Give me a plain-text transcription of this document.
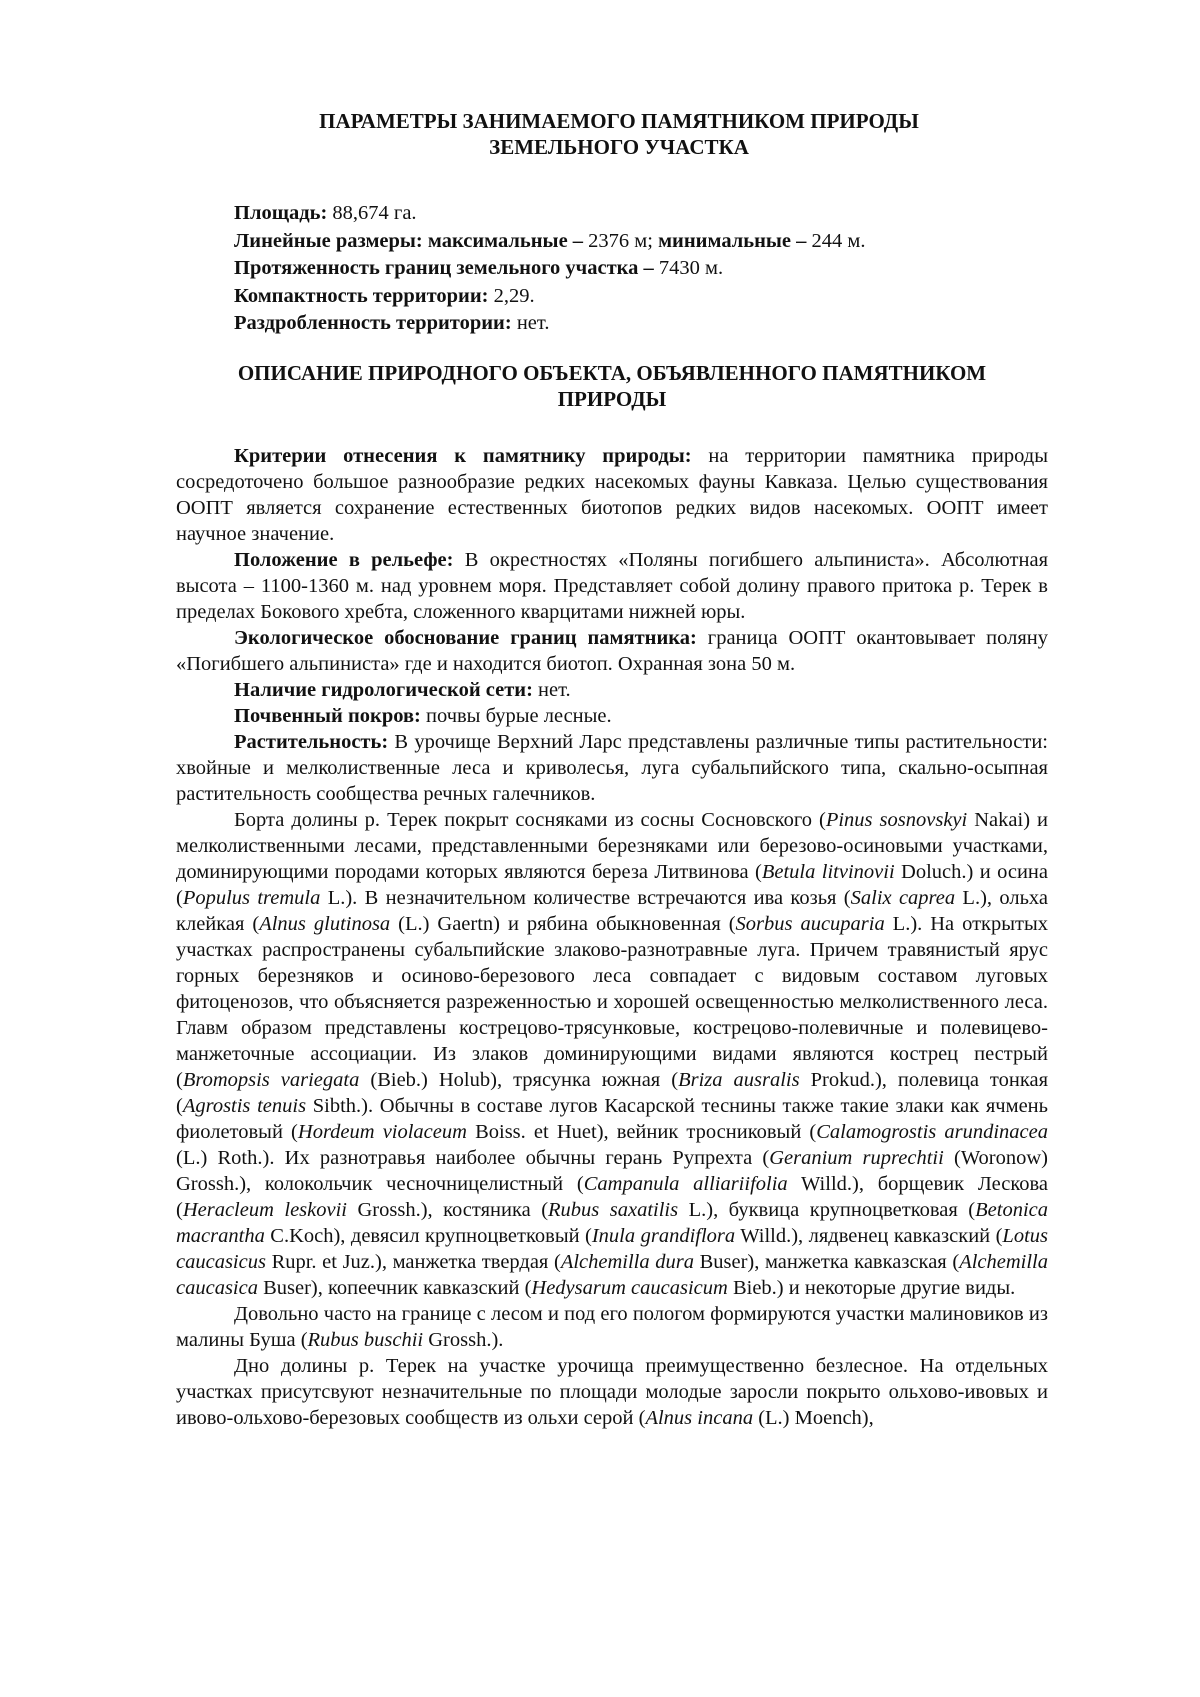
ПАРАМЕТРЫ ЗАНИМАЕМОГО ПАМЯТНИКОМ ПРИРОДЫ
ЗЕМЕЛЬНОГО УЧАСТКА

Площадь: 88,674 га.

Линейные размеры: максимальные – 2376 м; минимальные – 244 м.

Протяженность границ земельного участка – 7430 м.

Компактность территории: 2,29.

Раздробленность территории: нет.

ОПИСАНИЕ ПРИРОДНОГО ОБЪЕКТА, ОБЪЯВЛЕННОГО ПАМЯТНИКОМ
ПРИРОДЫ

Критерии отнесения к памятнику природы: на территории памятника природы сосредоточено большое разнообразие редких насекомых фауны Кавказа. Целью существования ООПТ является сохранение естественных биотопов редких видов насекомых. ООПТ имеет научное значение.

Положение в рельефе: В окрестностях «Поляны погибшего альпиниста». Абсолютная высота – 1100-1360 м. над уровнем моря. Представляет собой долину правого притока р. Терек в пределах Бокового хребта, сложенного кварцитами нижней юры.

Экологическое обоснование границ памятника: граница ООПТ окантовывает поляну «Погибшего альпиниста» где и находится биотоп. Охранная зона 50 м.

Наличие гидрологической сети: нет.

Почвенный покров: почвы бурые лесные.

Растительность: В урочище Верхний Ларс представлены различные типы растительности: хвойные и мелколиственные леса и криволесья, луга субальпийского типа, скально-осыпная растительность сообщества речных галечников.

Борта долины р. Терек покрыт сосняками из сосны Сосновского (Pinus sosnovskyi Nakai) и мелколиственными лесами, представленными березняками или березово-осиновыми участками, доминирующими породами которых являются береза Литвинова (Betula litvinovii Doluch.) и осина (Populus tremula L.). В незначительном количестве встречаются ива козья (Salix caprea L.), ольха клейкая (Alnus glutinosa (L.) Gaertn) и рябина обыкновенная (Sorbus aucuparia L.). На открытых участках распространены субальпийские злаково-разнотравные луга. Причем травянистый ярус горных березняков и осиново-березового леса совпадает с видовым составом луговых фитоценозов, что объясняется разреженностью и хорошей освещенностью мелколиственного леса. Главм образом представлены кострецово-трясунковые, кострецово-полевичные и полевицево-манжеточные ассоциации. Из злаков доминирующими видами являются кострец пестрый (Bromopsis variegata (Bieb.) Holub), трясунка южная (Briza ausralis Prokud.), полевица тонкая (Agrostis tenuis Sibth.). Обычны в составе лугов Касарской теснины также такие злаки как ячмень фиолетовый (Hordeum violaceum Boiss. et Huet), вейник тросниковый (Calamogrostis arundinacea (L.) Roth.). Их разнотравья наиболее обычны герань Рупрехта (Geranium ruprechtii (Woronow) Grossh.), колокольчик чесночницелистный (Campanula alliariifolia Willd.), борщевик Лескова (Heracleum leskovii Grossh.), костяника (Rubus saxatilis L.), буквица крупноцветковая (Betonica macrantha C.Koch), девясил крупноцветковый (Inula grandiflora Willd.), лядвенец кавказский (Lotus caucasicus Rupr. et Juz.), манжетка твердая (Alchemilla dura Buser), манжетка кавказская (Alchemilla caucasica Buser), копеечник кавказский (Hedysarum caucasicum Bieb.) и некоторые другие виды.

Довольно часто на границе с лесом и под его пологом формируются участки малиновиков из малины Буша (Rubus buschii Grossh.).

Дно долины р. Терек на участке урочища преимущественно безлесное. На отдельных участках присутсвуют незначительные по площади молодые заросли покрыто ольхово-ивовых и ивово-ольхово-березовых сообществ из ольхи серой (Alnus incana (L.) Moench),
